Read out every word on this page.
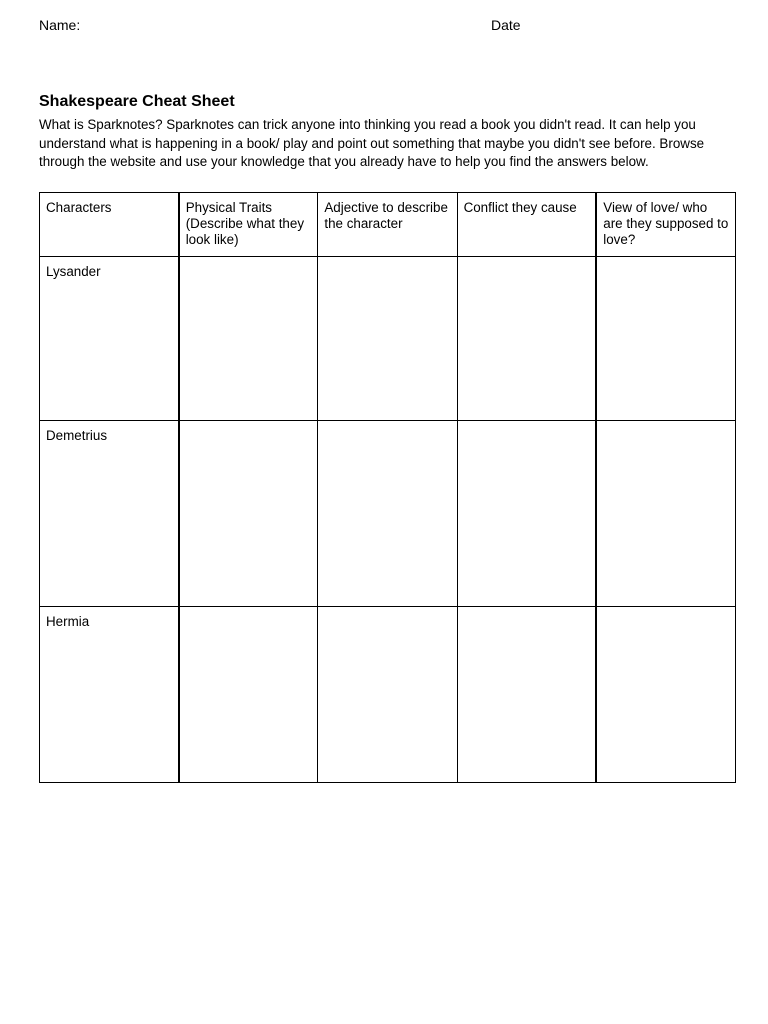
Name:	Date
Shakespeare Cheat Sheet

What is Sparknotes? Sparknotes can trick anyone into thinking you read a book you didn't read. It can help you understand what is happening in a book/ play and point out something that maybe you didn't see before. Browse through the website and use your knowledge that you already have to help you find the answers below.

Characters	Physical Traits (Describe what they look like)	Adjective to describe the character	Conflict they cause	View of love/ who are they supposed to love?
Lysander				
Demetrius				
Hermia				
